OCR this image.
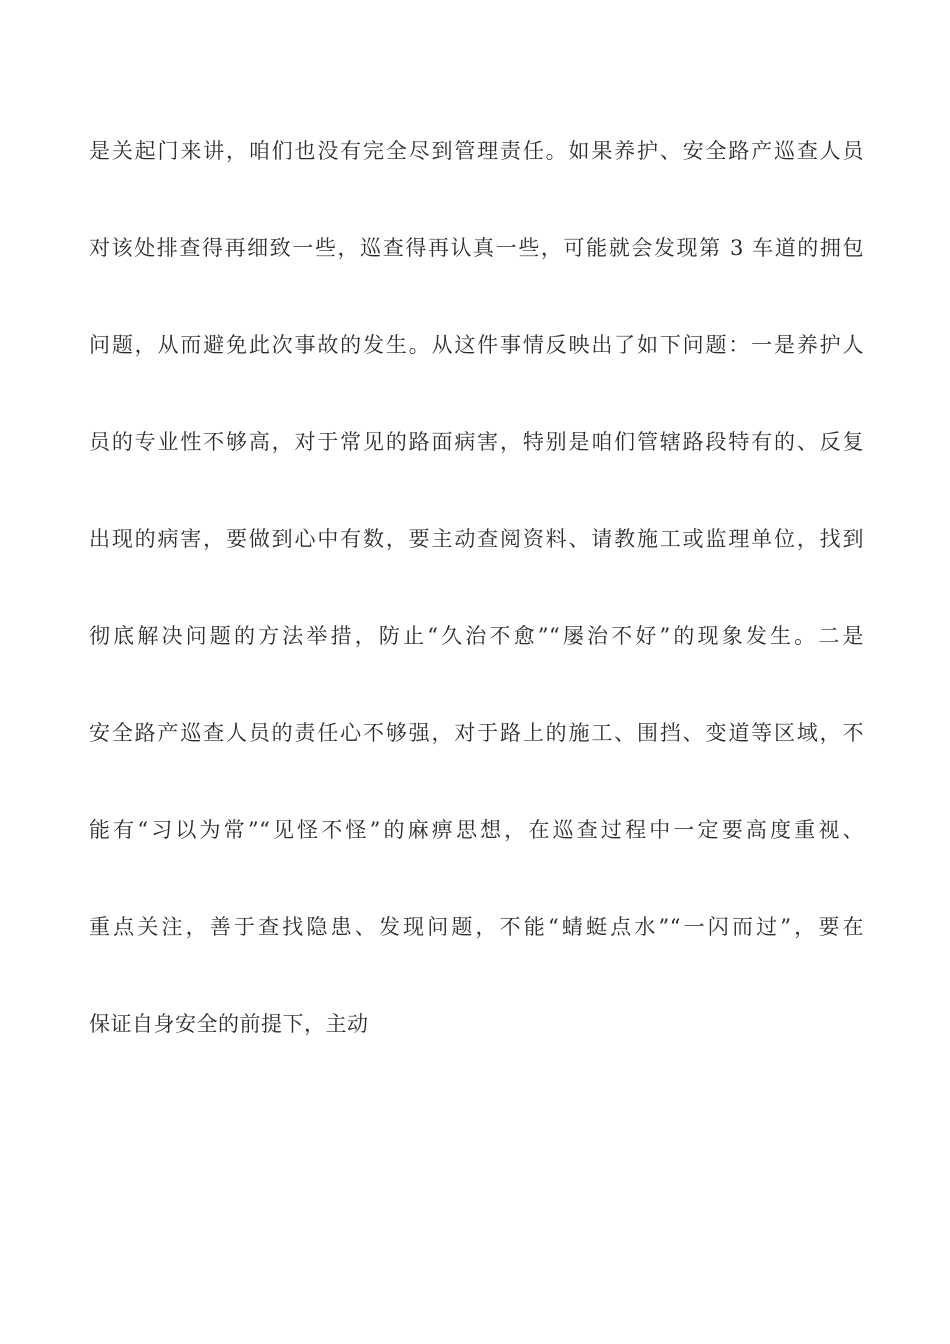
是关起门来讲，咱们也没有完全尽到管理责任。如果养护、安全路产巡查人员
对该处排查得再细致一些，巡查得再认真一些，可能就会发现第 3 车道的拥包
问题，从而避免此次事故的发生。从这件事情反映出了如下问题：一是养护人
员的专业性不够高，对于常见的路面病害，特别是咱们管辖路段特有的、反复
出现的病害，要做到心中有数，要主动查阅资料、请教施工或监理单位，找到
彻底解决问题的方法举措，防止“久治不愈”“屡治不好”的现象发生。二是
安全路产巡查人员的责任心不够强，对于路上的施工、围挡、变道等区域，不
能有“习以为常”“见怪不怪”的麻痹思想，在巡查过程中一定要高度重视、
重点关注，善于查找隐患、发现问题，不能“蜻蜓点水”“一闪而过”，要在
保证自身安全的前提下，主动
